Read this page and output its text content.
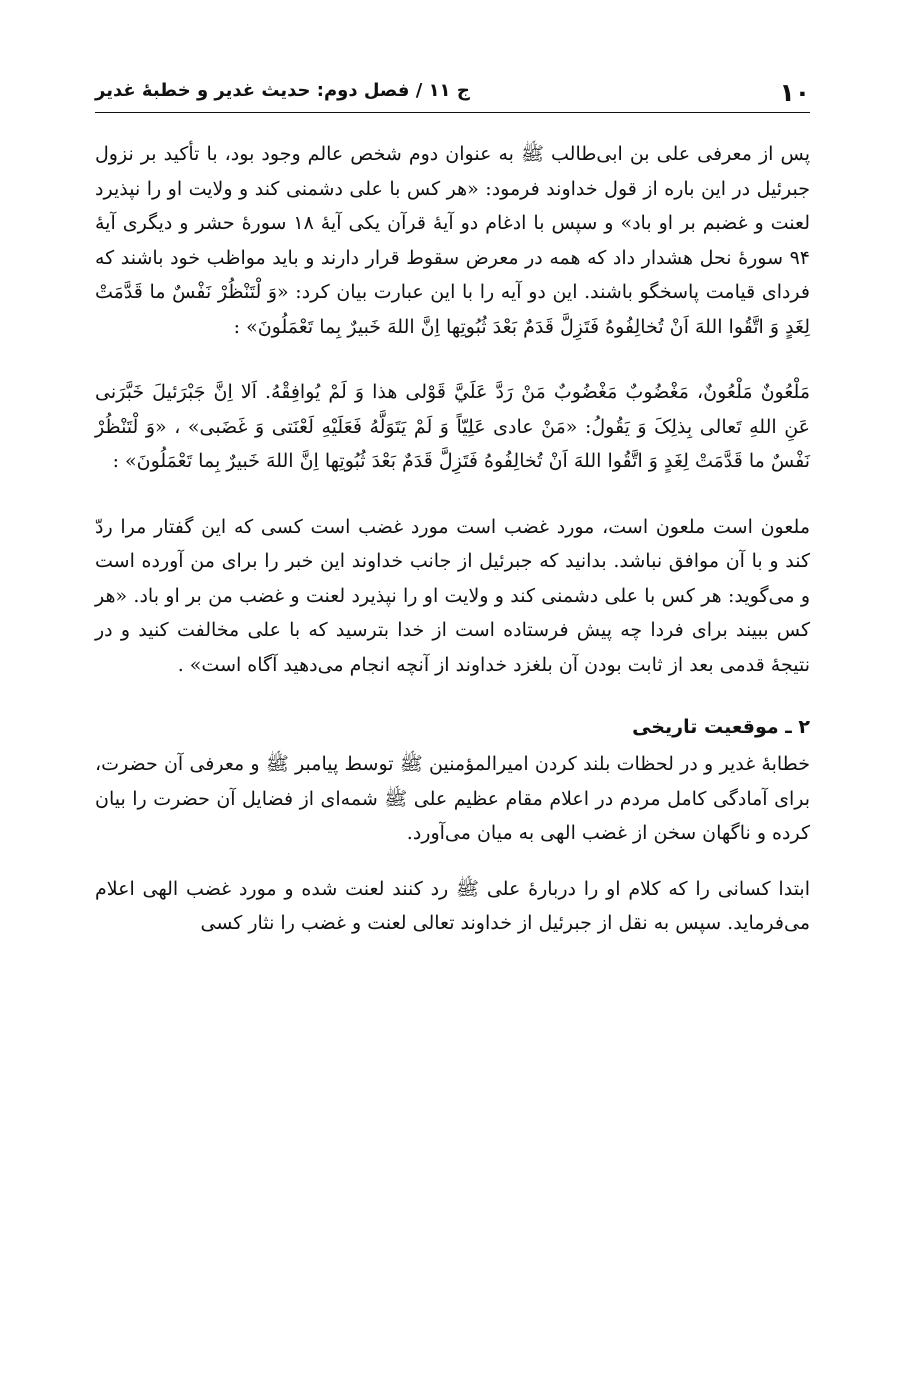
۱۰
ج ۱۱ / فصل دوم: حدیث غدیر و خطبۀ غدیر

پس از معرفی علی بن ابی‌طالب ﷺ به عنوان دوم شخص عالم وجود بود، با تأکید بر نزول جبرئیل در این باره از قول خداوند فرمود: «هر کس با علی دشمنی کند و ولایت او را نپذیرد لعنت و غضبم بر او باد» و سپس با ادغام دو آیۀ قرآن یکی آیۀ ۱۸ سورۀ حشر و دیگری آیۀ ۹۴ سورۀ نحل هشدار داد که همه در معرض سقوط قرار دارند و باید مواظب خود باشند که فردای قیامت پاسخگو باشند. این دو آیه را با این عبارت بیان کرد: «وَ لْتَنْظُرْ نَفْسٌ ما قَدَّمَتْ لِغَدٍ وَ اتَّقُوا اللهَ اَنْ تُخالِفُوهُ فَتَزِلَّ قَدَمٌ بَعْدَ ثُبُوتِها اِنَّ اللهَ خَبیرٌ بِما تَعْمَلُونَ» :

مَلْعُونٌ مَلْعُونٌ، مَغْضُوبٌ مَغْضُوبٌ مَنْ رَدَّ عَلَيَّ قَوْلی هذا وَ لَمْ یُوافِقْهُ. اَلا اِنَّ جَبْرَئیلَ خَبَّرَنی عَنِ اللهِ تَعالی بِذلِکَ وَ یَقُولُ: «مَنْ عادی عَلِیّاً وَ لَمْ یَتَوَلَّهُ فَعَلَیْهِ لَعْنَتی وَ غَضَبی» ، «وَ لْتَنْظُرْ نَفْسٌ ما قَدَّمَتْ لِغَدٍ وَ اتَّقُوا اللهَ اَنْ تُخالِفُوهُ فَتَزِلَّ قَدَمٌ بَعْدَ ثُبُوتِها اِنَّ اللهَ خَبیرٌ بِما تَعْمَلُونَ» :

ملعون است ملعون است، مورد غضب است مورد غضب است کسی که این گفتار مرا ردّ کند و با آن موافق نباشد. بدانید که جبرئیل از جانب خداوند این خبر را برای من آورده است و می‌گوید: هر کس با علی دشمنی کند و ولایت او را نپذیرد لعنت و غضب من بر او باد. «هر کس ببیند برای فردا چه پیش فرستاده است از خدا بترسید که با علی مخالفت کنید و در نتیجۀ قدمی بعد از ثابت بودن آن بلغزد خداوند از آنچه انجام می‌دهید آگاه است» .

۲ ـ موقعیت تاریخی

خطابۀ غدیر و در لحظات بلند کردن امیرالمؤمنین ﷺ توسط پیامبر ﷺ و معرفی آن حضرت، برای آمادگی کامل مردم در اعلام مقام عظیم علی ﷺ شمه‌ای از فضایل آن حضرت را بیان کرده و ناگهان سخن از غضب الهی به میان می‌آورد.

ابتدا کسانی را که کلام او را دربارۀ علی ﷺ رد کنند لعنت شده و مورد غضب الهی اعلام می‌فرماید. سپس به نقل از جبرئیل از خداوند تعالی لعنت و غضب را نثار کسی
